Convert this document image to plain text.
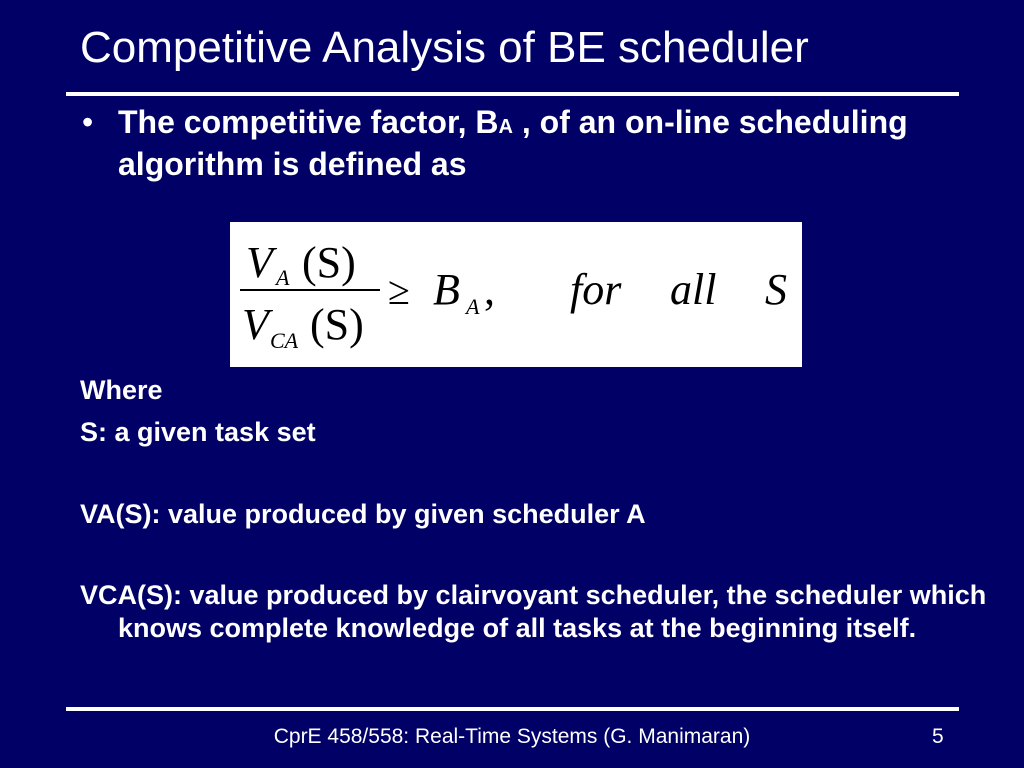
Competitive Analysis of BE scheduler
• The competitive factor, BA , of an on-line scheduling algorithm is defined as
V A (S)
V CA (S)
≥ B A , for all S
Where
S: a given task set
VA(S): value produced by given scheduler A
VCA(S): value produced by clairvoyant scheduler, the scheduler which knows complete knowledge of all tasks at the beginning itself.
CprE 458/558: Real-Time Systems (G. Manimaran)	5
